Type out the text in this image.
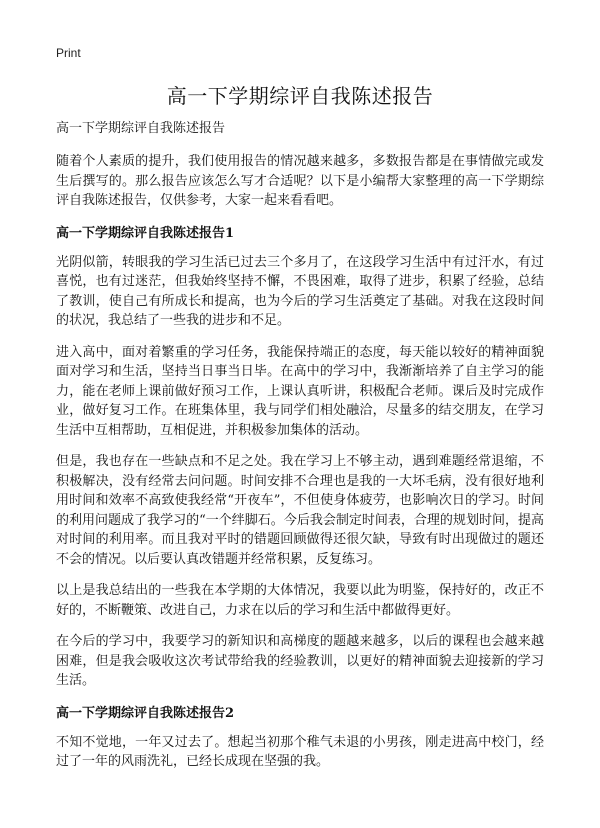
Print
高一下学期综评自我陈述报告

高一下学期综评自我陈述报告

随着个人素质的提升，我们使用报告的情况越来越多，多数报告都是在事情做完或发生后撰写的。那么报告应该怎么写才合适呢？以下是小编帮大家整理的高一下学期综评自我陈述报告，仅供参考，大家一起来看看吧。

高一下学期综评自我陈述报告1

光阴似箭，转眼我的学习生活已过去三个多月了，在这段学习生活中有过汗水，有过喜悦，也有过迷茫，但我始终坚持不懈，不畏困难，取得了进步，积累了经验，总结了教训，使自己有所成长和提高，也为今后的学习生活奠定了基础。对我在这段时间的状况，我总结了一些我的进步和不足。

进入高中，面对着繁重的学习任务，我能保持端正的态度，每天能以较好的精神面貌面对学习和生活，坚持当日事当日毕。在高中的学习中，我渐渐培养了自主学习的能力，能在老师上课前做好预习工作，上课认真听讲，积极配合老师。课后及时完成作业，做好复习工作。在班集体里，我与同学们相处融洽，尽量多的结交朋友，在学习生活中互相帮助，互相促进，并积极参加集体的活动。

但是，我也存在一些缺点和不足之处。我在学习上不够主动，遇到难题经常退缩，不积极解决，没有经常去问问题。时间安排不合理也是我的一大坏毛病，没有很好地利用时间和效率不高致使我经常“开夜车”，不但使身体疲劳，也影响次日的学习。时间的利用问题成了我学习的“一个绊脚石。今后我会制定时间表，合理的规划时间，提高对时间的利用率。而且我对平时的错题回顾做得还很欠缺，导致有时出现做过的题还不会的情况。以后要认真改错题并经常积累，反复练习。

以上是我总结出的一些我在本学期的大体情况，我要以此为明鉴，保持好的，改正不好的，不断鞭策、改进自己，力求在以后的学习和生活中都做得更好。

在今后的学习中，我要学习的新知识和高梯度的题越来越多，以后的课程也会越来越困难，但是我会吸收这次考试带给我的经验教训，以更好的精神面貌去迎接新的学习生活。

高一下学期综评自我陈述报告2

不知不觉地，一年又过去了。想起当初那个稚气未退的小男孩，刚走进高中校门，经过了一年的风雨洗礼，已经长成现在坚强的我。
